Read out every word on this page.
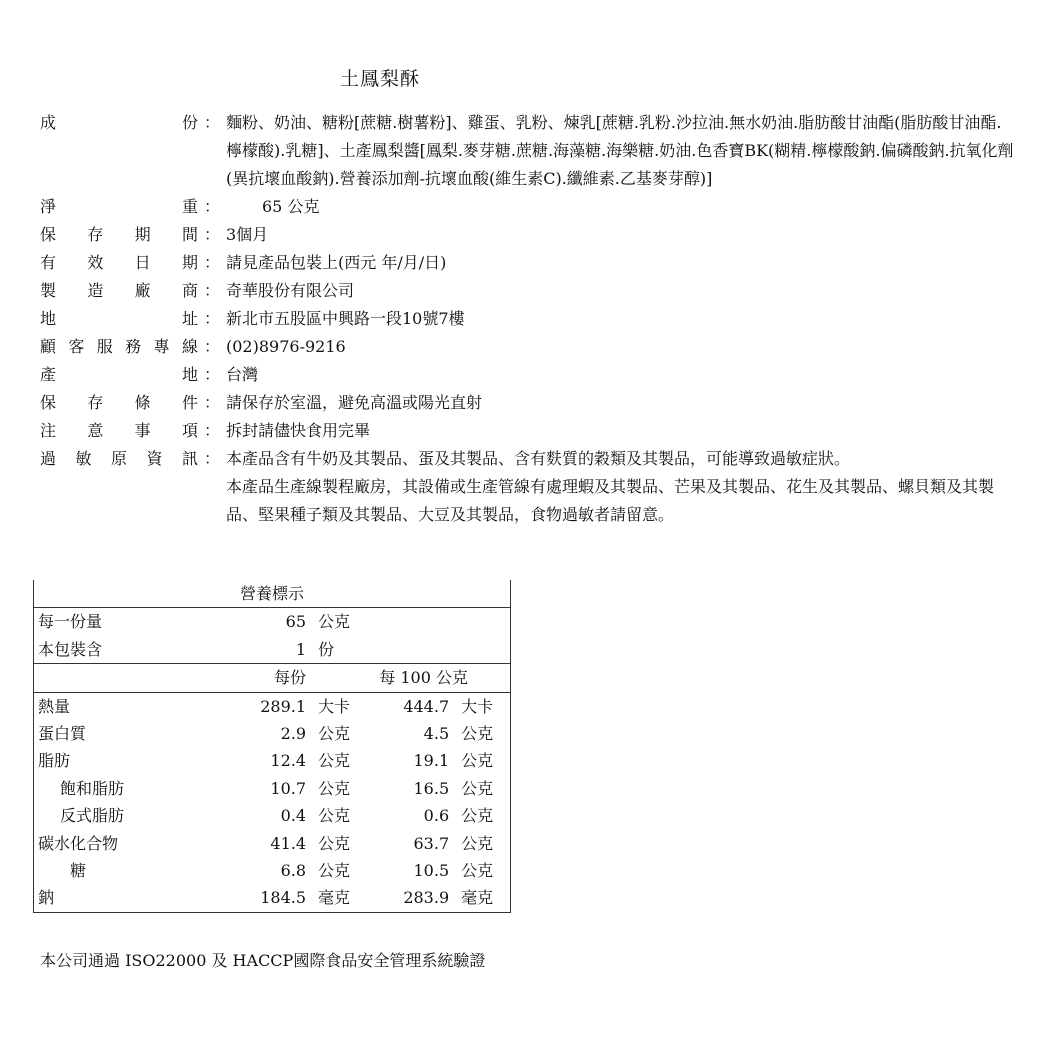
土鳳梨酥
成	份 ： 麵粉、奶油、糖粉[蔗糖.樹薯粉]、雞蛋、乳粉、煉乳[蔗糖.乳粉.沙拉油.無水奶油.脂肪酸甘油酯(脂肪酸甘油酯.檸檬酸).乳糖]、土產鳳梨醬[鳳梨.麥芽糖.蔗糖.海藻糖.海樂糖.奶油.色香寶BK(糊精.檸檬酸鈉.偏磷酸鈉.抗氧化劑(異抗壞血酸鈉).營養添加劑-抗壞血酸(維生素C).纖維素.乙基麥芽醇)]
淨	重 ：	65 公克
保 存 期 間 ： 3個月
有 效 日 期 ： 請見產品包裝上(西元 年/月/日)
製 造 廠 商 ： 奇華股份有限公司
地	址 ： 新北市五股區中興路一段10號7樓
顧 客 服 務 專 線 ： (02)8976-9216
產	地 ： 台灣
保 存 條 件 ： 請保存於室溫，避免高溫或陽光直射
注 意 事 項 ： 拆封請儘快食用完畢
過 敏 原 資 訊 ： 本產品含有牛奶及其製品、蛋及其製品、含有麩質的穀類及其製品，可能導致過敏症狀。
本產品生產線製程廠房，其設備或生產管線有處理蝦及其製品、芒果及其製品、花生及其製品、螺貝類及其製品、堅果種子類及其製品、大豆及其製品，食物過敏者請留意。
營養標示				
每一份量	65	公克		
本包裝含	1	份		
	每份		每 100 公克	
熱量	289.1	大卡	444.7	大卡
蛋白質	2.9	公克	4.5	公克
脂肪	12.4	公克	19.1	公克
飽和脂肪	10.7	公克	16.5	公克
反式脂肪	0.4	公克	0.6	公克
碳水化合物	41.4	公克	63.7	公克
糖	6.8	公克	10.5	公克
鈉	184.5	毫克	283.9	毫克
本公司通過 ISO22000 及 HACCP國際食品安全管理系統驗證
